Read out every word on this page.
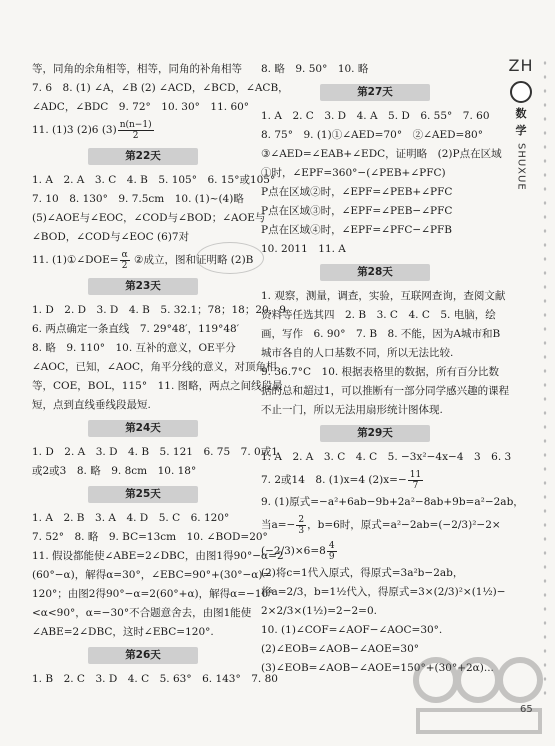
等，同角的余角相等，相等，同角的补角相等
7. 6　8. (1) ∠A，∠B (2) ∠ACD，∠BCD，∠ACB，
∠ADC，∠BDC　9. 72°　10. 30°　11. 60°
11. (1)3 (2)6 $(3) \frac{n(n-1)}{2}$
第22天
1. A　2. A　3. C　4. B　5. 105°　6. 15°或105°
7. 10　8. 130°　9. 7.5cm　10. (1)~(4)略
(5)∠AOE与∠EOC，∠COD与∠BOD；∠AOE与
∠BOD，∠COD与∠EOC (6)7对
11. (1)①∠DOE= $\frac{\alpha}{2}$ ②成立，图和证明略 (2)B
第23天
1. D　2. D　3. D　4. B　5. 32.1；78；18；20，9
6. 两点确定一条直线　7. 29°48′，119°48′
8. 略　9. 110°　10. 互补的意义，OE平分
∠AOC，已知，∠AOC，角平分线的意义，对顶角相
等，COE，BOL，115°　11. 图略，两点之间线段最
短，点到直线垂线段最短.
第24天
1. D　2. A　3. D　4. B　5. 121　6. 75　7. 0或1
或2或3　8. 略　9. 8cm　10. 18°
第25天
1. A　2. B　3. A　4. D　5. C　6. 120°
7. 52°　8. 略　9. BC=13cm　10. ∠BOD=20°
11. 假设都能使∠ABE=2∠DBC，由图1得90°−α=2
(60°−α)，解得α=30°，∠EBC=90°+(30°−α)=
120°；由图2得90°−α=2(60°+α)，解得α=−10°
<α<90°，α=−30°不合题意舍去，由图1能使
∠ABE=2∠DBC，这时∠EBC=120°.
第26天
1. B　2. C　3. D　4. C　5. 63°　6. 143°　7. 80
8. 略　9. 50°　10. 略
第27天
1. A　2. C　3. D　4. A　5. D　6. 55°　7. 60
8. 75°　9. (1)①∠AED=70°　②∠AED=80°
③∠AED=∠EAB+∠EDC，证明略　(2)P点在区域
①时，∠EPF=360°−(∠PEB+∠PFC)
P点在区域②时，∠EPF=∠PEB+∠PFC
P点在区域③时，∠EPF=∠PEB−∠PFC
P点在区域④时，∠EPF=∠PFC−∠PFB
10. 2011　11. A
第28天
1. 观察，测量，调查，实验，互联网查询，查阅文献
资料等任选其四　2. B　3. C　4. C　5. 电脑，绘
画，写作　6. 90°　7. B　8. 不能，因为A城市和B
城市各自的人口基数不同，所以无法比较.
9. 36.7°C　10. 根据表格里的数据，所有百分比数
据的总和超过1，可以推断有一部分同学感兴趣的课程
不止一门，所以无法用扇形统计图体现.
第29天
1. A　2. A　3. C　4. C　5. −3x²−4x−4　3　6. 3
7. 2或14　8. (1)x=4 $(2)x=- \frac{11}{7}$
9. (1)原式=−a²+6ab−9b+2a²−8ab+9b=a²−2ab，
当$a=- \frac{2}{3}$ ，b=6时，原式=a²−2ab=(−2/3)²−2×
$(-2/3)\times 6=8 \frac{4}{9}$
(2)将c=1代入原式，得原式=3a²b−2ab，
将a=2/3，b=1½代入，得原式=3×(2/3)²×(1½)−
2×2/3×(1½)=2−2=0.
10. (1)∠COF=∠AOF−∠AOC=30°.
(2)∠EOB=∠AOB−∠AOE=30°
(3)∠EOB=∠AOB−∠AOE=150°+(30°+2α)...
ZH
数
学
SHUXUE
65
